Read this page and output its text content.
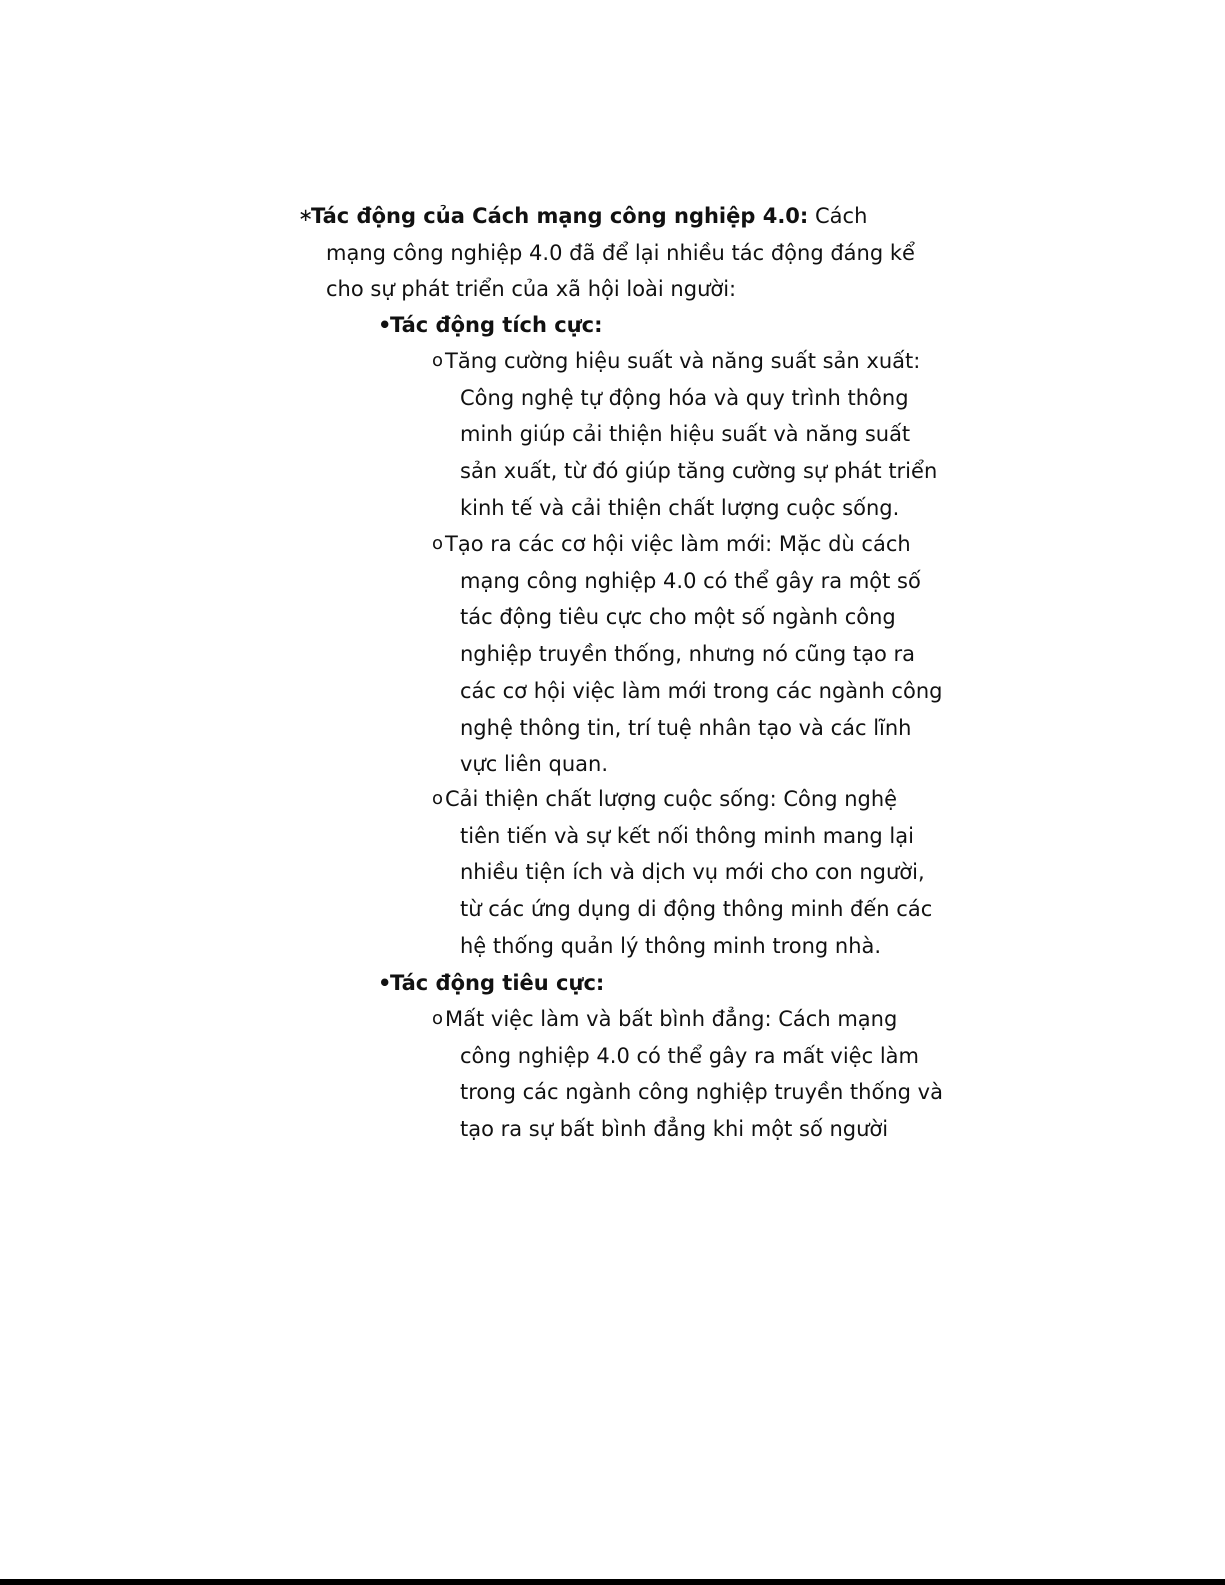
∗
Tác động của Cách mạng công nghiệp 4.0: Cách
mạng công nghiệp 4.0 đã để lại nhiều tác động đáng kể
cho sự phát triển của xã hội loài người:
•
Tác động tích cực:
o Tăng cường hiệu suất và năng suất sản xuất:
Công nghệ tự động hóa và quy trình thông
minh giúp cải thiện hiệu suất và năng suất
sản xuất, từ đó giúp tăng cường sự phát triển
kinh tế và cải thiện chất lượng cuộc sống.
o Tạo ra các cơ hội việc làm mới: Mặc dù cách
mạng công nghiệp 4.0 có thể gây ra một số
tác động tiêu cực cho một số ngành công
nghiệp truyền thống, nhưng nó cũng tạo ra
các cơ hội việc làm mới trong các ngành công
nghệ thông tin, trí tuệ nhân tạo và các lĩnh
vực liên quan.
o Cải thiện chất lượng cuộc sống: Công nghệ
tiên tiến và sự kết nối thông minh mang lại
nhiều tiện ích và dịch vụ mới cho con người,
từ các ứng dụng di động thông minh đến các
hệ thống quản lý thông minh trong nhà.
•
Tác động tiêu cực:
o Mất việc làm và bất bình đẳng: Cách mạng
công nghiệp 4.0 có thể gây ra mất việc làm
trong các ngành công nghiệp truyền thống và
tạo ra sự bất bình đẳng khi một số người
